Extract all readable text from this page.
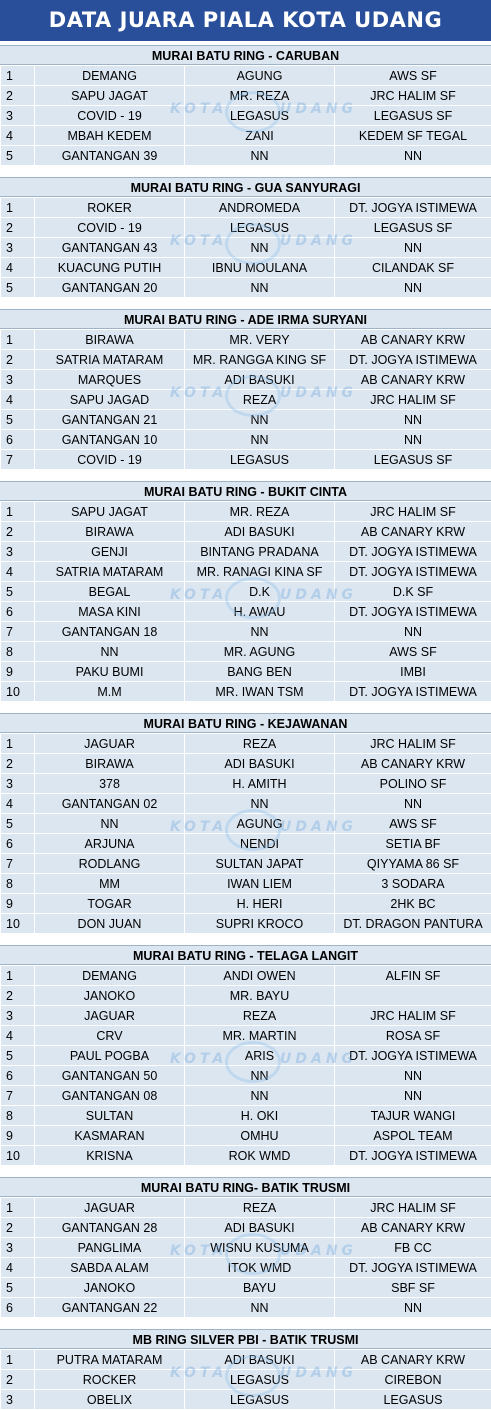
DATA JUARA PIALA KOTA UDANG
MURAI BATU RING - CARUBAN
1	DEMANG	AGUNG	AWS SF
2	SAPU JAGAT	MR. REZA	JRC HALIM SF
3	COVID - 19	LEGASUS	LEGASUS SF
4	MBAH KEDEM	ZANI	KEDEM SF TEGAL
5	GANTANGAN 39	NN	NN
KOTA	UDANG
MURAI BATU RING - GUA SANYURAGI
1	ROKER	ANDROMEDA	DT. JOGYA ISTIMEWA
2	COVID - 19	LEGASUS	LEGASUS SF
3	GANTANGAN 43	NN	NN
4	KUACUNG PUTIH	IBNU MOULANA	CILANDAK SF
5	GANTANGAN 20	NN	NN
KOTA	UDANG
MURAI BATU RING - ADE IRMA SURYANI
1	BIRAWA	MR. VERY	AB CANARY KRW
2	SATRIA MATARAM	MR. RANGGA KING SF	DT. JOGYA ISTIMEWA
3	MARQUES	ADI BASUKI	AB CANARY KRW
4	SAPU JAGAD	REZA	JRC HALIM SF
5	GANTANGAN 21	NN	NN
6	GANTANGAN 10	NN	NN
7	COVID - 19	LEGASUS	LEGASUS SF
KOTA	UDANG
MURAI BATU RING - BUKIT CINTA
1	SAPU JAGAT	MR. REZA	JRC HALIM SF
2	BIRAWA	ADI BASUKI	AB CANARY KRW
3	GENJI	BINTANG PRADANA	DT. JOGYA ISTIMEWA
4	SATRIA MATARAM	MR. RANAGI KINA SF	DT. JOGYA ISTIMEWA
5	BEGAL	D.K	D.K SF
6	MASA KINI	H. AWAU	DT. JOGYA ISTIMEWA
7	GANTANGAN 18	NN	NN
8	NN	MR. AGUNG	AWS SF
9	PAKU BUMI	BANG BEN	IMBI
10	M.M	MR. IWAN TSM	DT. JOGYA ISTIMEWA
KOTA	UDANG
MURAI BATU RING - KEJAWANAN
1	JAGUAR	REZA	JRC HALIM SF
2	BIRAWA	ADI BASUKI	AB CANARY KRW
3	378	H. AMITH	POLINO SF
4	GANTANGAN 02	NN	NN
5	NN	AGUNG	AWS SF
6	ARJUNA	NENDI	SETIA BF
7	RODLANG	SULTAN JAPAT	QIYYAMA 86 SF
8	MM	IWAN LIEM	3 SODARA
9	TOGAR	H. HERI	2HK BC
10	DON JUAN	SUPRI KROCO	DT. DRAGON PANTURA
KOTA	UDANG
MURAI BATU RING - TELAGA LANGIT
1	DEMANG	ANDI OWEN	ALFIN SF
2	JANOKO	MR. BAYU	
3	JAGUAR	REZA	JRC HALIM SF
4	CRV	MR. MARTIN	ROSA SF
5	PAUL POGBA	ARIS	DT. JOGYA ISTIMEWA
6	GANTANGAN 50	NN	NN
7	GANTANGAN 08	NN	NN
8	SULTAN	H. OKI	TAJUR WANGI
9	KASMARAN	OMHU	ASPOL TEAM
10	KRISNA	ROK WMD	DT. JOGYA ISTIMEWA
KOTA	UDANG
MURAI BATU RING- BATIK TRUSMI
1	JAGUAR	REZA	JRC HALIM SF
2	GANTANGAN 28	ADI BASUKI	AB CANARY KRW
3	PANGLIMA	WISNU KUSUMA	FB CC
4	SABDA ALAM	ITOK WMD	DT. JOGYA ISTIMEWA
5	JANOKO	BAYU	SBF SF
6	GANTANGAN 22	NN	NN
KOTA	UDANG
MB RING SILVER PBI - BATIK TRUSMI
1	PUTRA MATARAM	ADI BASUKI	AB CANARY KRW
2	ROCKER	LEGASUS	CIREBON
3	OBELIX	LEGASUS	LEGASUS
KOTA	UDANG
